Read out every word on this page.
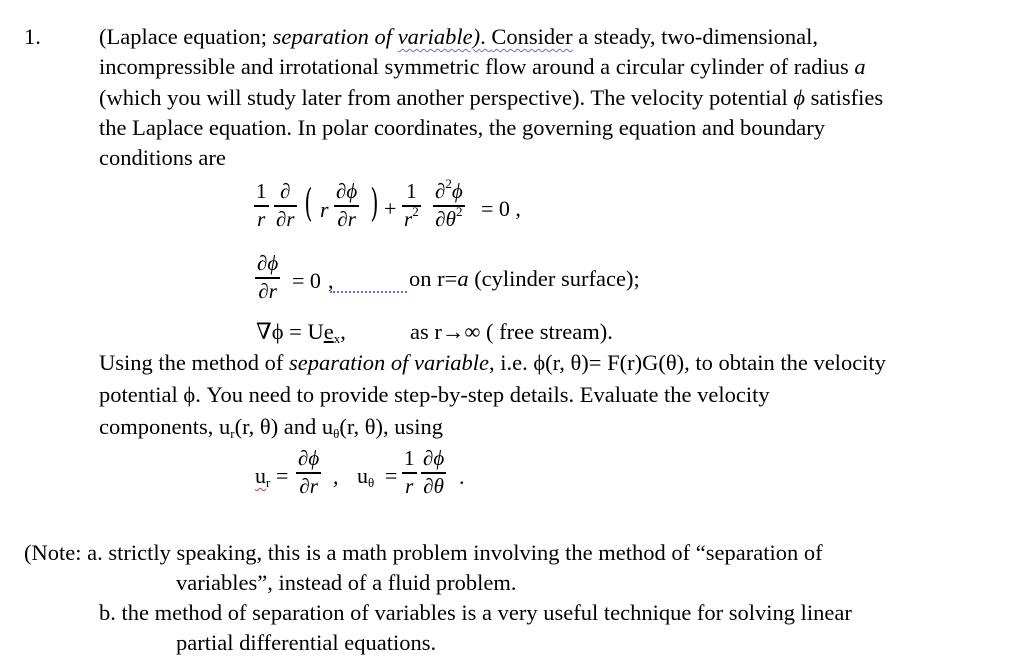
1.	(Laplace equation; separation of variable). Consider a steady, two-dimensional,
incompressible and irrotational symmetric flow around a circular cylinder of radius a
(which you will study later from another perspective). The velocity potential ϕ satisfies
the Laplace equation. In polar coordinates, the governing equation and boundary
conditions are
1
r
∂
∂r ( r
∂ϕ
∂r ) +
1
$r^2$
∂$^2$ϕ
$\partial\theta^2 = 0$ ,
∂ϕ
∂r = 0 ,	on r=a (cylinder surface);
$\nabla\phi = Ue_x$,	as r→∞ ( free stream).
Using the method of separation of variable, i.e. ϕ(r, θ)= F(r)G(θ), to obtain the velocity
potential ϕ. You need to provide step-by-step details. Evaluate the velocity
components, $u_r(r$, θ) and $u_\theta(r$, θ), using
$u_r$ =
∂ϕ
∂r , $u_\theta$ =
1
r
∂ϕ
∂θ .
(Note: a. strictly speaking, this is a math problem involving the method of “separation of
variables”, instead of a fluid problem.
b. the method of separation of variables is a very useful technique for solving linear
partial differential equations.
